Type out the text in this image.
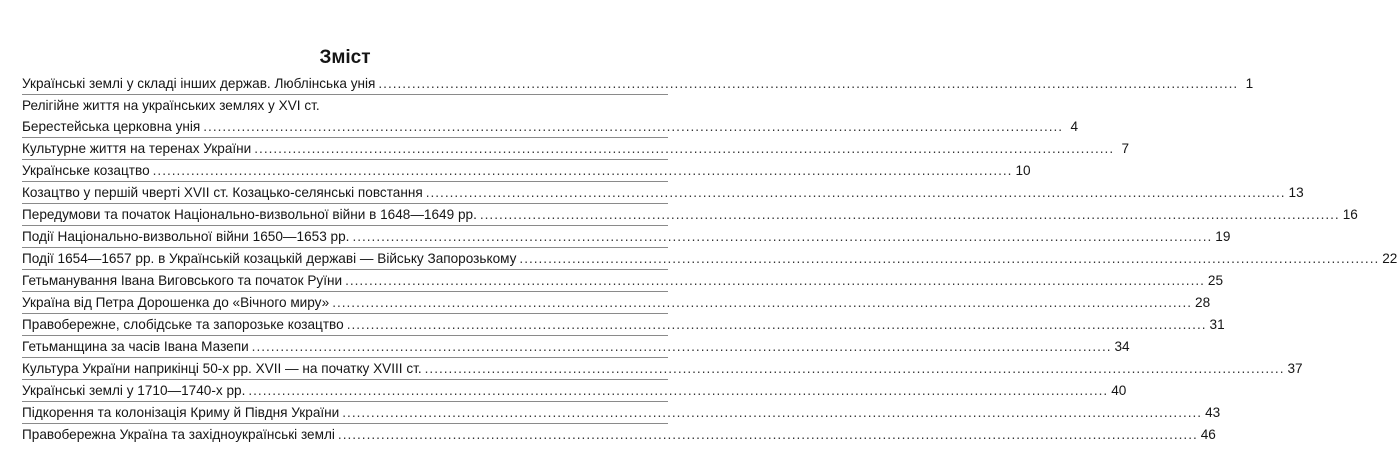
Зміст
Українські землі у складі інших держав. Люблінська унія .....	1
Релігійне життя на українських землях у XVI ст.
Берестейська церковна унія .....	4
Культурне життя на теренах України .....	7
Українське козацтво .....	10
Козацтво у першій чверті XVII ст. Козацько-селянські повстання .....	13
Передумови та початок Національно-визвольної війни в 1648—1649 рр. .....	16
Події Національно-визвольної війни 1650—1653 рр. .....	19
Події 1654—1657 рр. в Українській козацькій державі — Війську Запорозькому .....	22
Гетьманування Івана Виговського та початок Руїни .....	25
Україна від Петра Дорошенка до «Вічного миру» .....	28
Правобережне, слобідське та запорозьке козацтво .....	31
Гетьманщина за часів Івана Мазепи .....	34
Культура України наприкінці 50-х рр. XVII — на початку XVIII ст. .....	37
Українські землі у 1710—1740-х рр. .....	40
Підкорення та колонізація Криму й Півдня України .....	43
Правобережна Україна та західноукраїнські землі .....	46
